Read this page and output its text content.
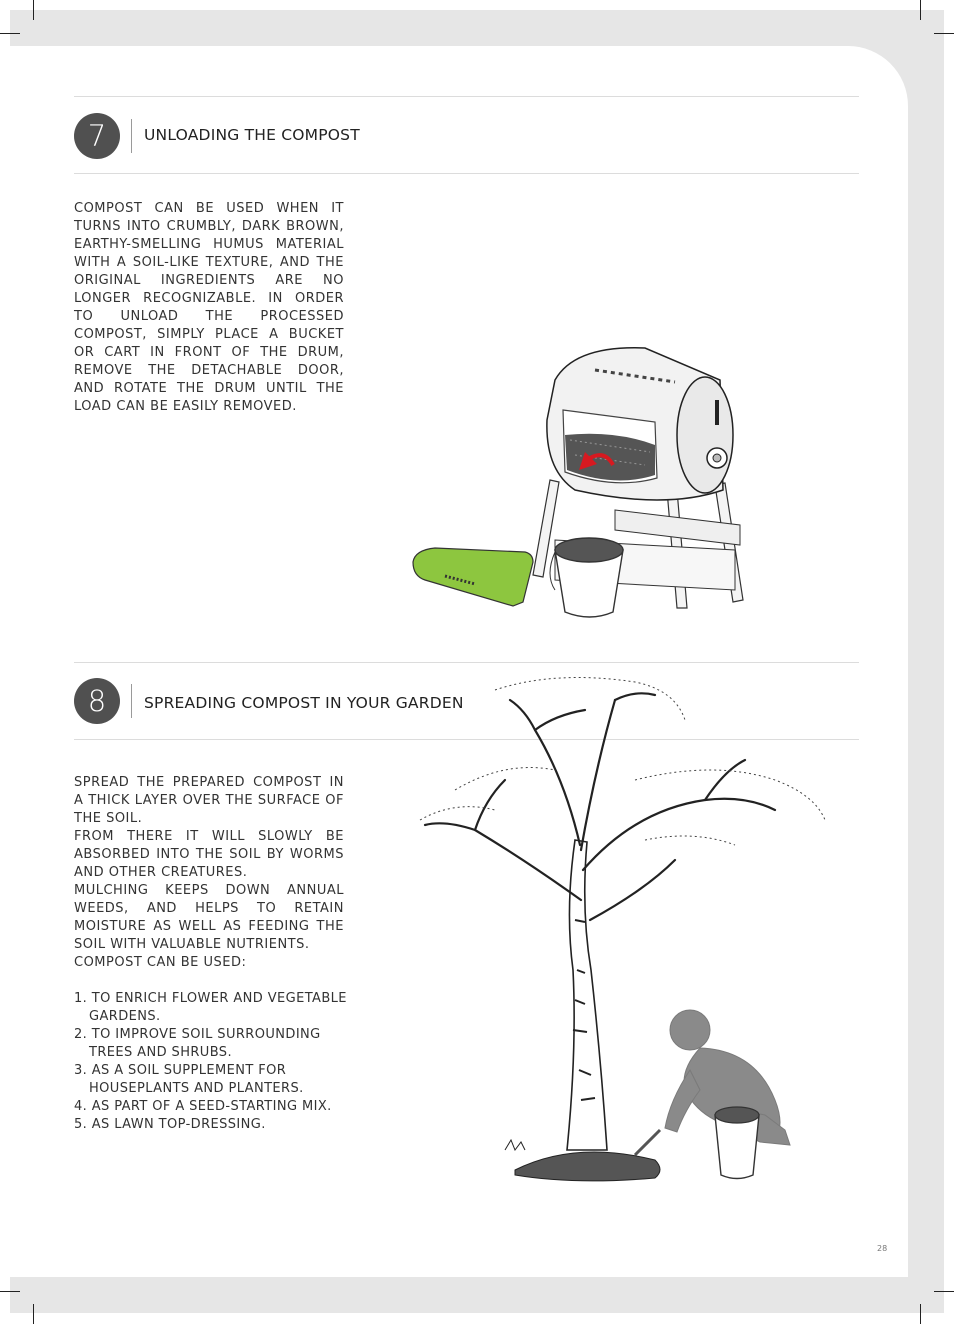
7 UNLOADING THE COMPOST

COMPOST CAN BE USED WHEN IT TURNS INTO CRUMBLY, DARK BROWN, EARTHY-SMELLING HUMUS MATERIAL WITH A SOIL-LIKE TEXTURE, AND THE ORIGINAL INGREDIENTS ARE NO LONGER RECOGNIZABLE. IN ORDER TO UNLOAD THE PROCESSED COMPOST, SIMPLY PLACE A BUCKET OR CART IN FRONT OF THE DRUM, REMOVE THE DETACHABLE DOOR, AND ROTATE THE DRUM UNTIL THE LOAD CAN BE EASILY REMOVED.

8 SPREADING COMPOST IN YOUR GARDEN

SPREAD THE PREPARED COMPOST IN A THICK LAYER OVER THE SURFACE OF THE SOIL.

FROM THERE IT WILL SLOWLY BE ABSORBED INTO THE SOIL BY WORMS AND OTHER CREATURES.

MULCHING KEEPS DOWN ANNUAL WEEDS, AND HELPS TO RETAIN MOISTURE AS WELL AS FEEDING THE SOIL WITH VALUABLE NUTRIENTS.

COMPOST CAN BE USED:

1. TO ENRICH FLOWER AND VEGETABLE GARDENS.
2. TO IMPROVE SOIL SURROUNDING TREES AND SHRUBS.
3. AS A SOIL SUPPLEMENT FOR HOUSEPLANTS AND PLANTERS.
4. AS PART OF A SEED-STARTING MIX.
5. AS LAWN TOP-DRESSING.
28
